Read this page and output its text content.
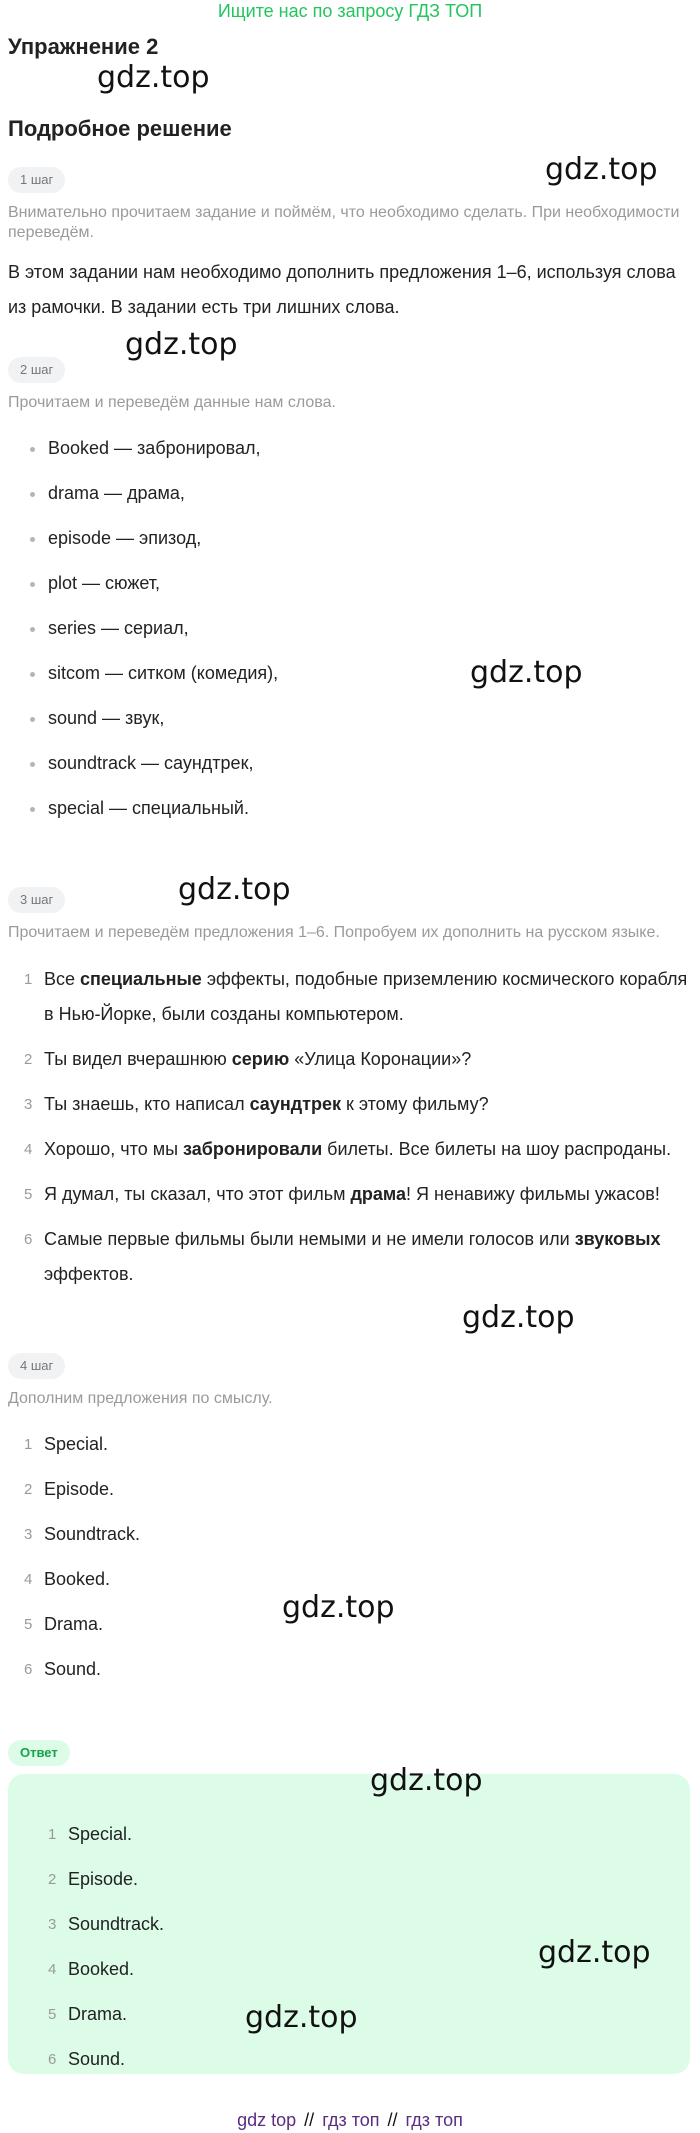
Ищите нас по запросу ГДЗ ТОП
Упражнение 2
gdz.top
Подробное решение
1 шаг	gdz.top
Внимательно прочитаем задание и поймём, что необходимо сделать. При необходимости переведём.
В этом задании нам необходимо дополнить предложения 1–6, используя слова из рамочки. В задании есть три лишних слова.
2 шаг
gdz.top
Прочитаем и переведём данные нам слова.
Booked — забронировал,
drama — драма,
episode — эпизод,
plot — сюжет,
series — сериал,
sitcom — ситком (комедия),
sound — звук,
soundtrack — саундтрек,
special — специальный.
gdz.top
3 шаг	gdz.top
Прочитаем и переведём предложения 1–6. Попробуем их дополнить на русском языке.
1 Все специальные эффекты, подобные приземлению космического корабля в Нью-Йорке, были созданы компьютером.
2 Ты видел вчерашнюю серию «Улица Коронации»?
3 Ты знаешь, кто написал саундтрек к этому фильму?
4 Хорошо, что мы забронировали билеты. Все билеты на шоу распроданы.
5 Я думал, ты сказал, что этот фильм драма! Я ненавижу фильмы ужасов!
6 Самые первые фильмы были немыми и не имели голосов или звуковых эффектов.
gdz.top
4 шаг
Дополним предложения по смыслу.
1 Special.
2 Episode.
3 Soundtrack.
4 Booked.
5 Drama.
6 Sound.
gdz.top
Ответ
gdz.top
1 Special.
2 Episode.
3 Soundtrack.
4 Booked.
5 Drama.
6 Sound.
gdz.top
gdz.top
gdz top // гдз топ // гдз топ
